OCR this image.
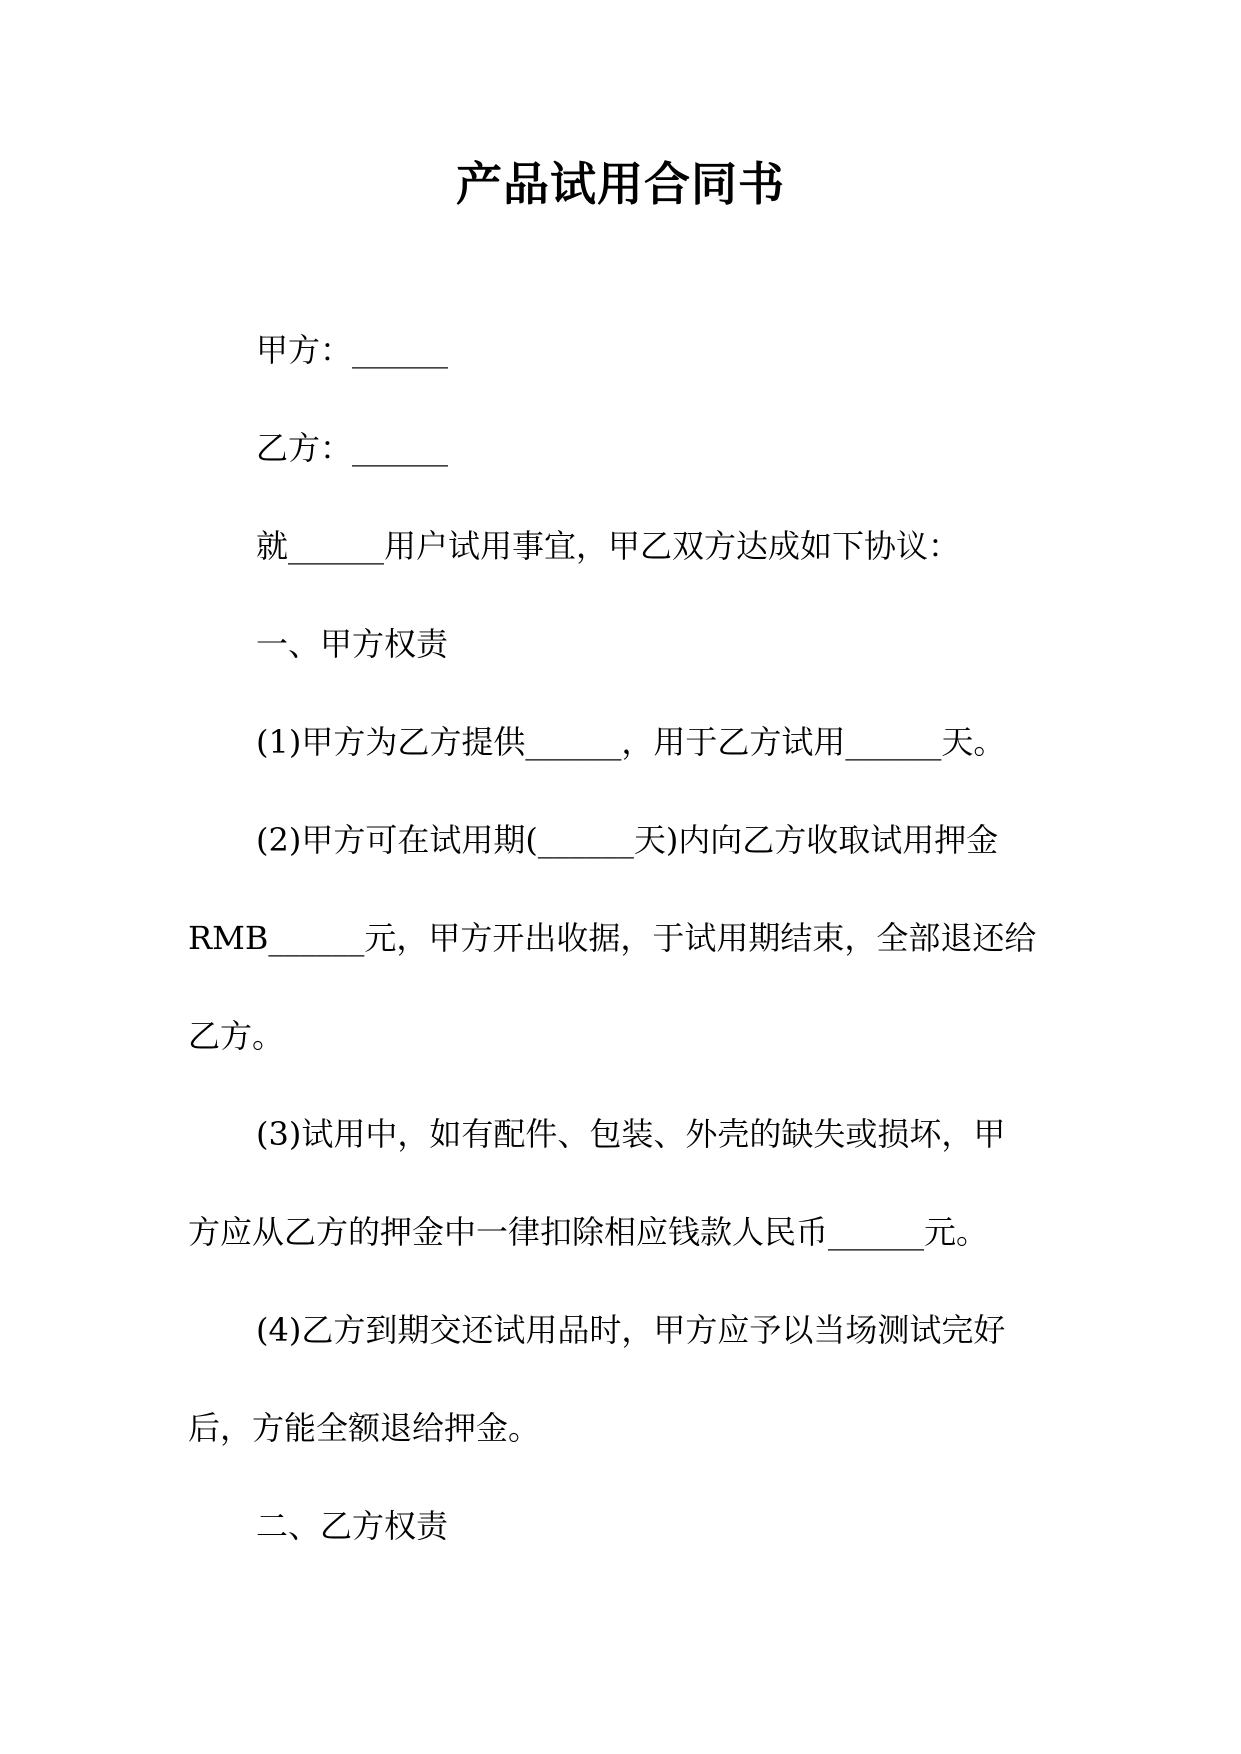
产品试用合同书
甲方：______
乙方：______
就______用户试用事宜，甲乙双方达成如下协议：
一、甲方权责
(1)甲方为乙方提供______，用于乙方试用______天。
(2)甲方可在试用期(______天)内向乙方收取试用押金
RMB______元，甲方开出收据，于试用期结束，全部退还给
乙方。
(3)试用中，如有配件、包装、外壳的缺失或损坏，甲
方应从乙方的押金中一律扣除相应钱款人民币______元。
(4)乙方到期交还试用品时，甲方应予以当场测试完好
后，方能全额退给押金。
二、乙方权责
